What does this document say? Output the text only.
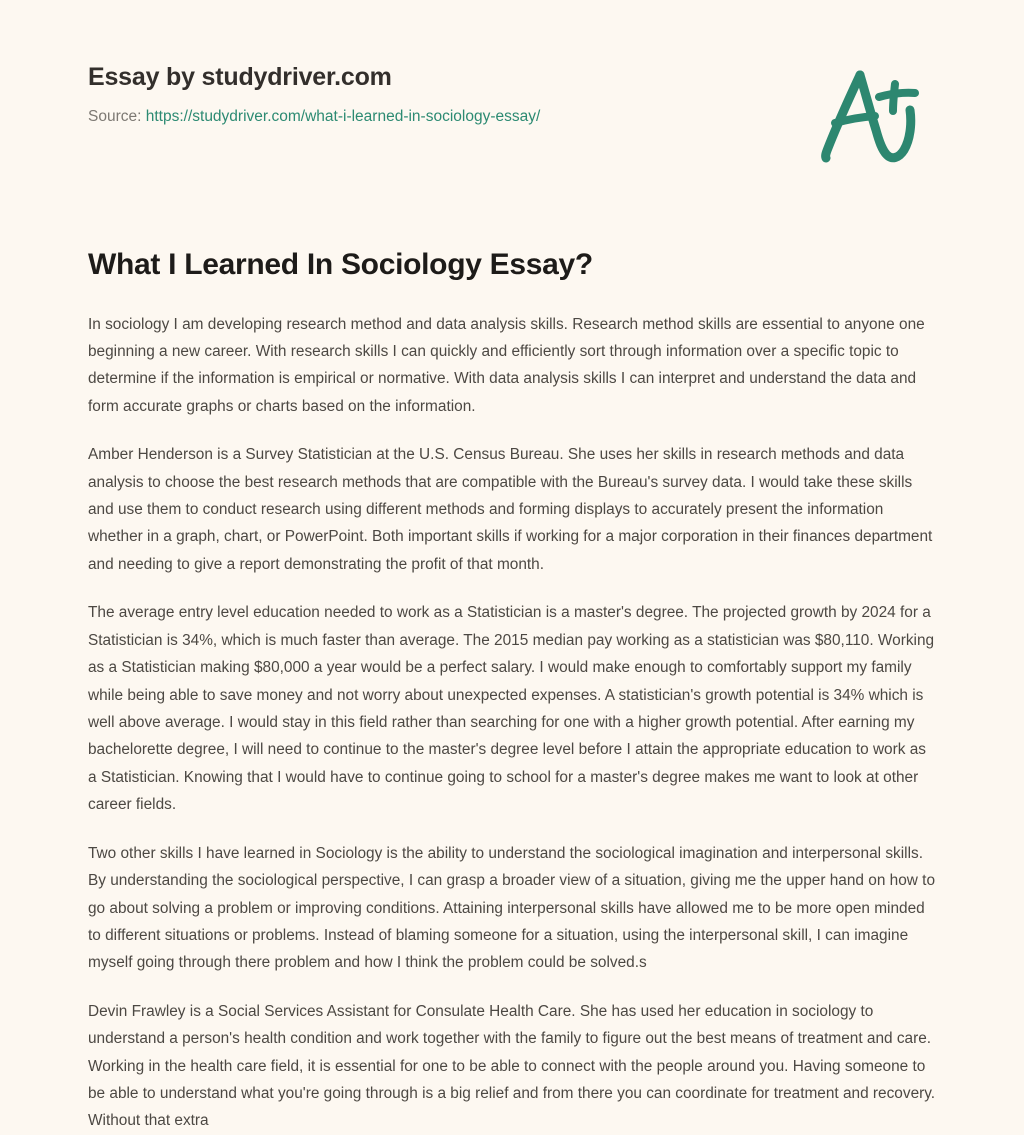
Essay by studydriver.com
Source: https://studydriver.com/what-i-learned-in-sociology-essay/
What I Learned In Sociology Essay?

In sociology I am developing research method and data analysis skills. Research method skills are essential to anyone one beginning a new career. With research skills I can quickly and efficiently sort through information over a specific topic to determine if the information is empirical or normative. With data analysis skills I can interpret and understand the data and form accurate graphs or charts based on the information.

Amber Henderson is a Survey Statistician at the U.S. Census Bureau. She uses her skills in research methods and data analysis to choose the best research methods that are compatible with the Bureau's survey data. I would take these skills and use them to conduct research using different methods and forming displays to accurately present the information whether in a graph, chart, or PowerPoint. Both important skills if working for a major corporation in their finances department and needing to give a report demonstrating the profit of that month.

The average entry level education needed to work as a Statistician is a master's degree. The projected growth by 2024 for a Statistician is 34%, which is much faster than average. The 2015 median pay working as a statistician was $80,110. Working as a Statistician making $80,000 a year would be a perfect salary. I would make enough to comfortably support my family while being able to save money and not worry about unexpected expenses. A statistician's growth potential is 34% which is well above average. I would stay in this field rather than searching for one with a higher growth potential. After earning my bachelorette degree, I will need to continue to the master's degree level before I attain the appropriate education to work as a Statistician. Knowing that I would have to continue going to school for a master's degree makes me want to look at other career fields.

Two other skills I have learned in Sociology is the ability to understand the sociological imagination and interpersonal skills. By understanding the sociological perspective, I can grasp a broader view of a situation, giving me the upper hand on how to go about solving a problem or improving conditions. Attaining interpersonal skills have allowed me to be more open minded to different situations or problems. Instead of blaming someone for a situation, using the interpersonal skill, I can imagine myself going through there problem and how I think the problem could be solved.s

Devin Frawley is a Social Services Assistant for Consulate Health Care. She has used her education in sociology to understand a person's health condition and work together with the family to figure out the best means of treatment and care. Working in the health care field, it is essential for one to be able to connect with the people around you. Having someone to be able to understand what you're going through is a big relief and from there you can coordinate for treatment and recovery. Without that extra
